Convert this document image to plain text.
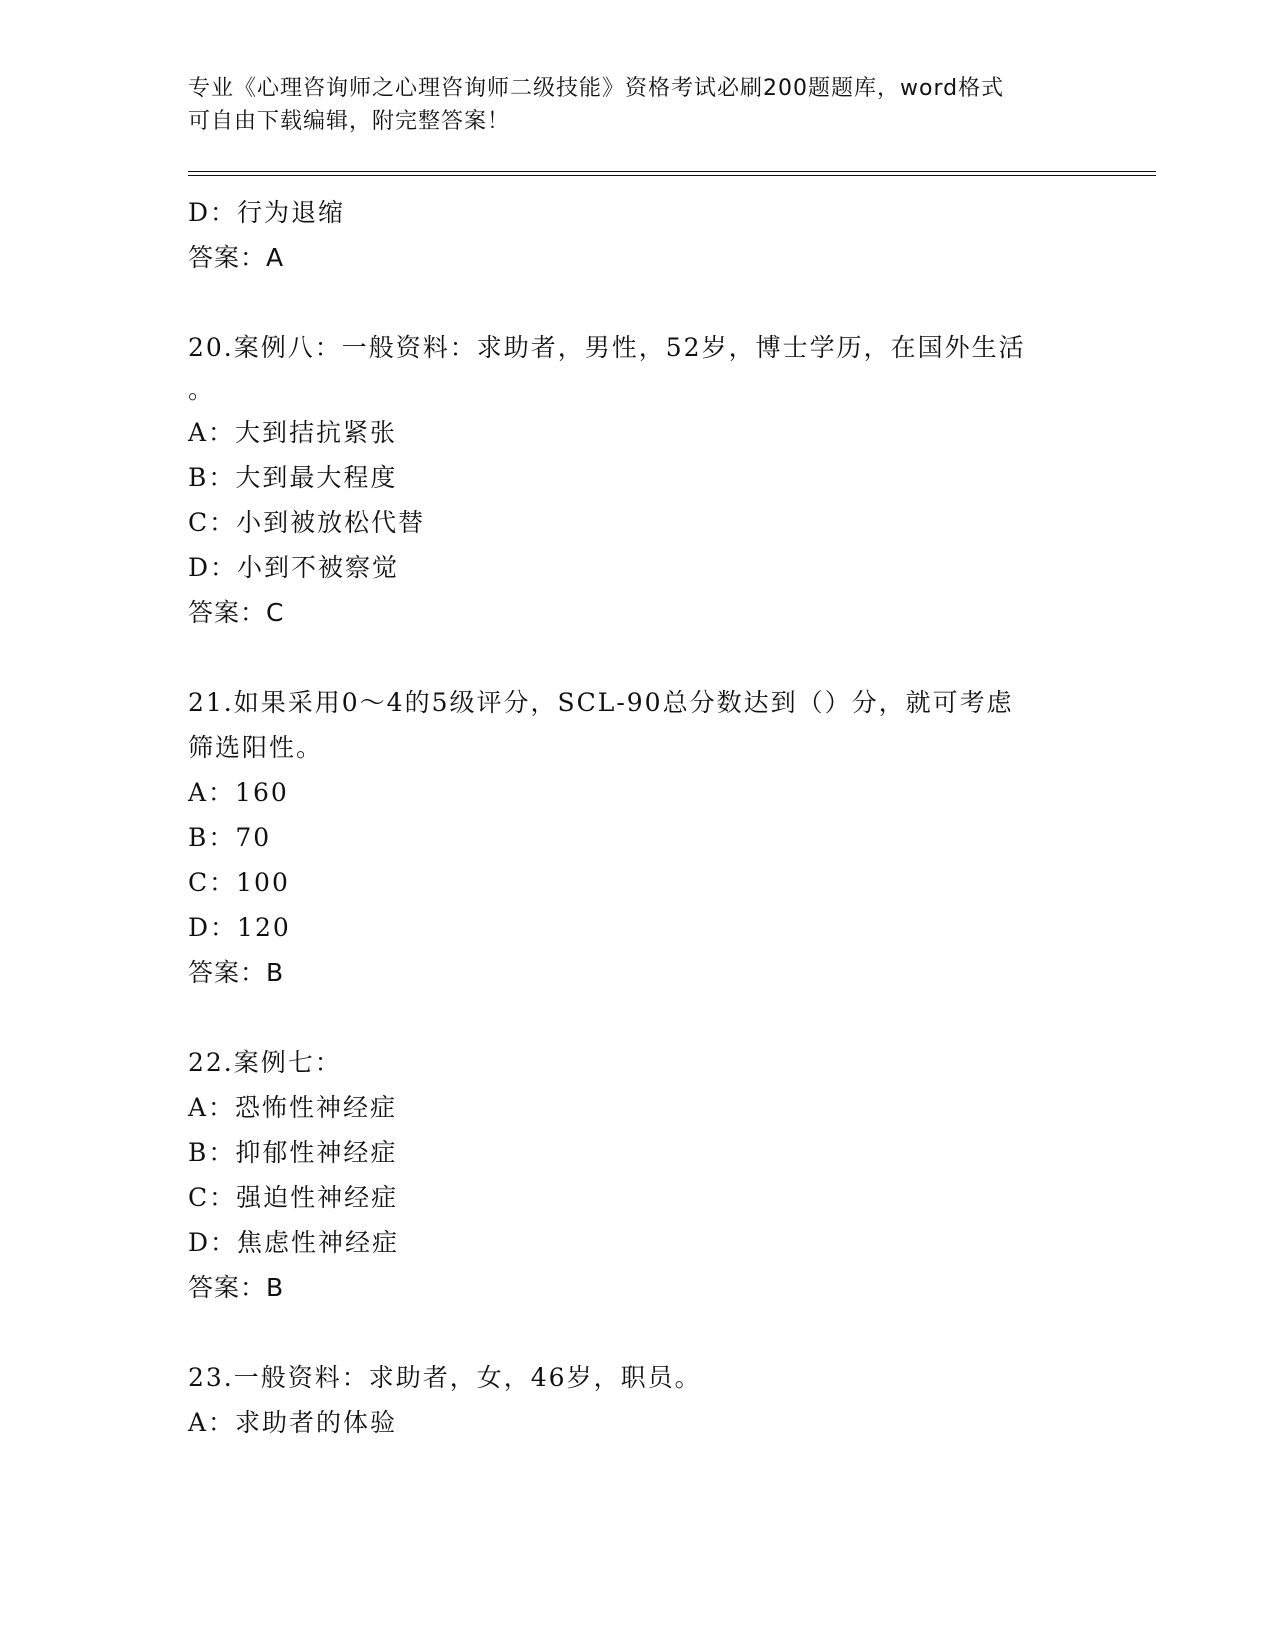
专业《心理咨询师之心理咨询师二级技能》资格考试必刷200题题库，word格式
可自由下载编辑，附完整答案！
D：行为退缩
答案：A
20.案例八：一般资料：求助者，男性，52岁，博士学历，在国外生活
。
A：大到拮抗紧张
B：大到最大程度
C：小到被放松代替
D：小到不被察觉
答案：C
21.如果采用0～4的5级评分，SCL-90总分数达到（）分，就可考虑
筛选阳性。
A：160
B：70
C：100
D：120
答案：B
22.案例七：
A：恐怖性神经症
B：抑郁性神经症
C：强迫性神经症
D：焦虑性神经症
答案：B
23.一般资料：求助者，女，46岁，职员。
A：求助者的体验
